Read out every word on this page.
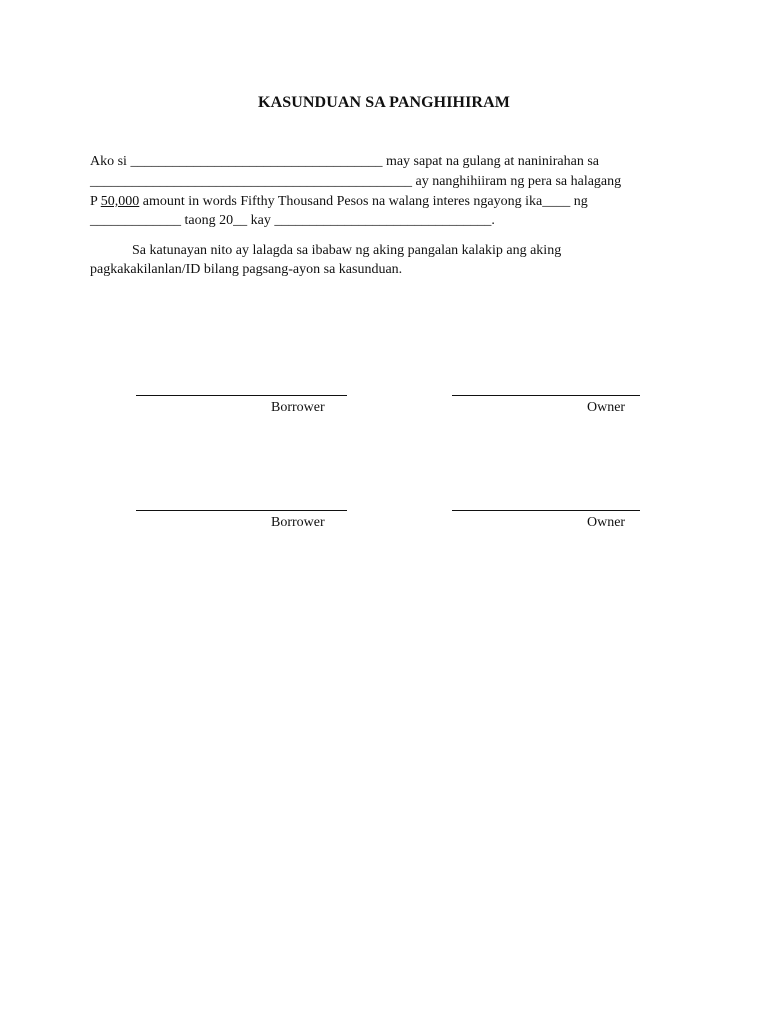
KASUNDUAN SA PANGHIHIRAM
Ako si ____________________________________ may sapat na gulang at naninirahan sa
______________________________________________ ay nanghihiiram ng pera sa halagang
P 50,000 amount in words Fifthy Thousand Pesos na walang interes ngayong ika____ ng
_____________ taong 20__ kay _______________________________.
Sa katunayan nito ay lalagda sa ibabaw ng aking pangalan kalakip ang aking
pagkakakilanlan/ID bilang pagsang-ayon sa kasunduan.
Borrower	Owner
Borrower	Owner
